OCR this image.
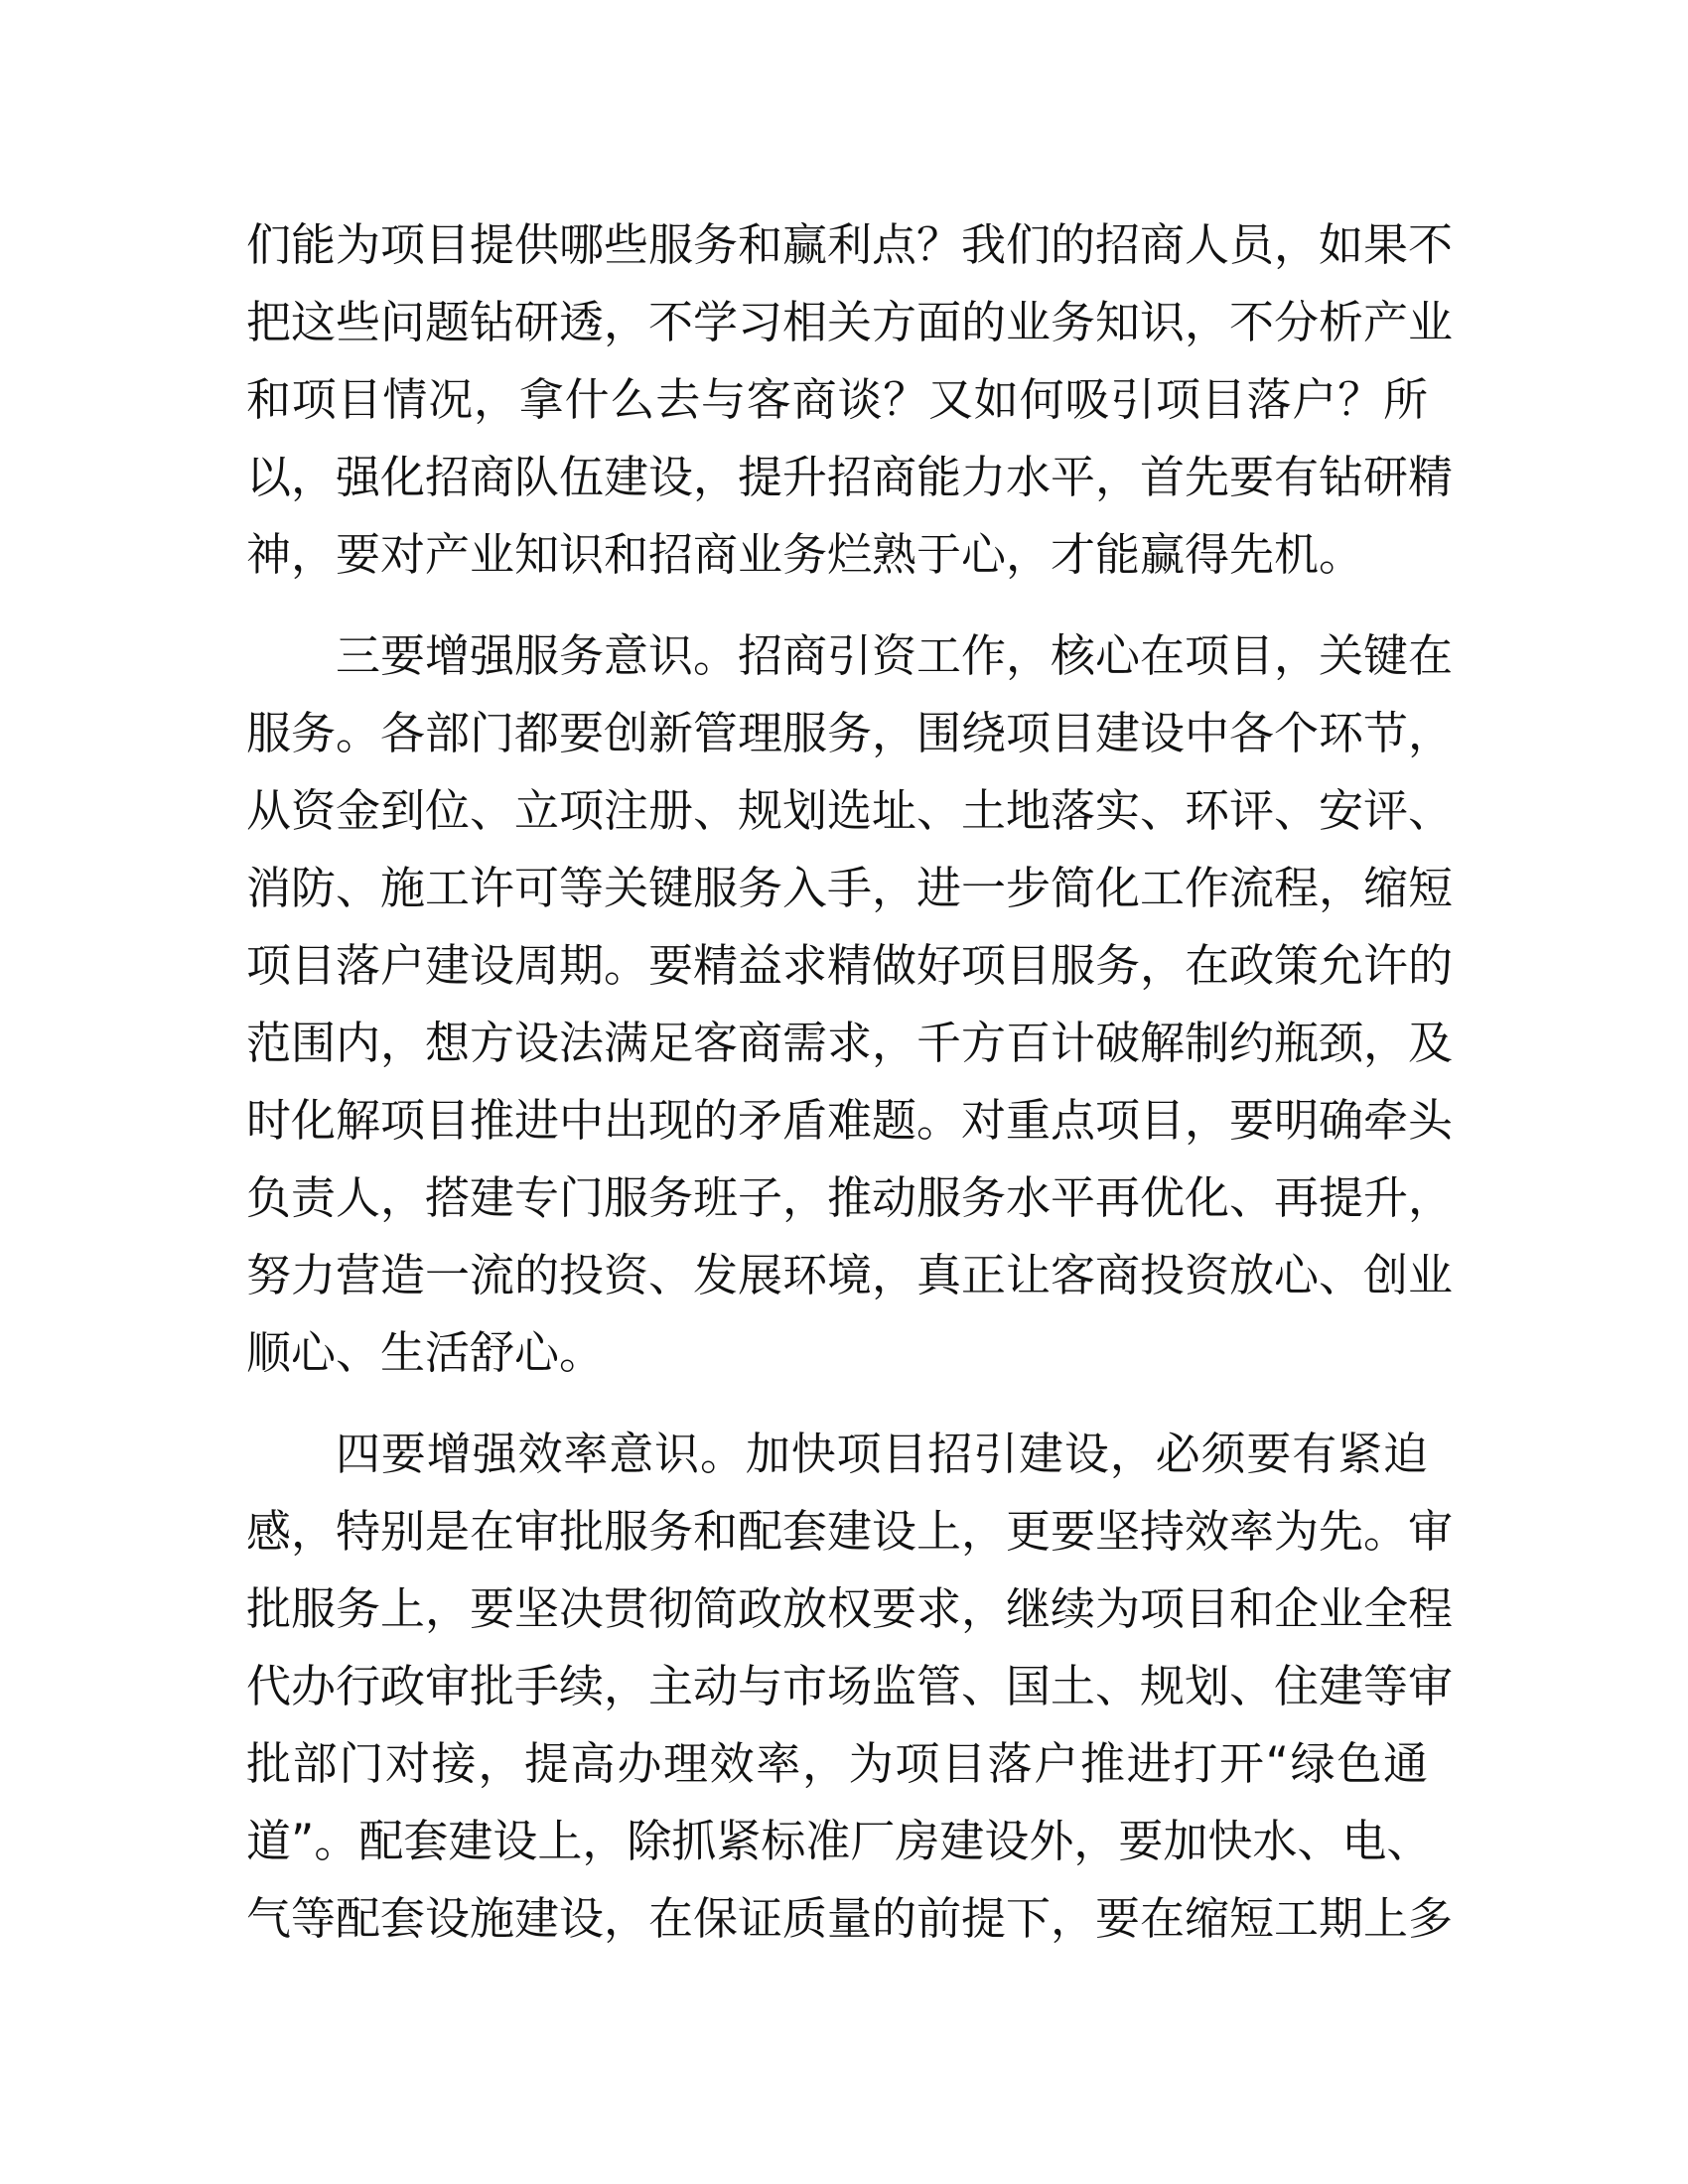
们能为项目提供哪些服务和赢利点？我们的招商人员，如果不
把这些问题钻研透，不学习相关方面的业务知识，不分析产业
和项目情况，拿什么去与客商谈？又如何吸引项目落户？所
以，强化招商队伍建设，提升招商能力水平，首先要有钻研精
神，要对产业知识和招商业务烂熟于心，才能赢得先机。
三要增强服务意识。招商引资工作，核心在项目，关键在
服务。各部门都要创新管理服务，围绕项目建设中各个环节，
从资金到位、立项注册、规划选址、土地落实、环评、安评、
消防、施工许可等关键服务入手，进一步简化工作流程，缩短
项目落户建设周期。要精益求精做好项目服务，在政策允许的
范围内，想方设法满足客商需求，千方百计破解制约瓶颈，及
时化解项目推进中出现的矛盾难题。对重点项目，要明确牵头
负责人，搭建专门服务班子，推动服务水平再优化、再提升，
努力营造一流的投资、发展环境，真正让客商投资放心、创业
顺心、生活舒心。
四要增强效率意识。加快项目招引建设，必须要有紧迫
感，特别是在审批服务和配套建设上，更要坚持效率为先。审
批服务上，要坚决贯彻简政放权要求，继续为项目和企业全程
代办行政审批手续，主动与市场监管、国土、规划、住建等审
批部门对接，提高办理效率，为项目落户推进打开“绿色通
道”。配套建设上，除抓紧标准厂房建设外，要加快水、电、
气等配套设施建设，在保证质量的前提下，要在缩短工期上多
